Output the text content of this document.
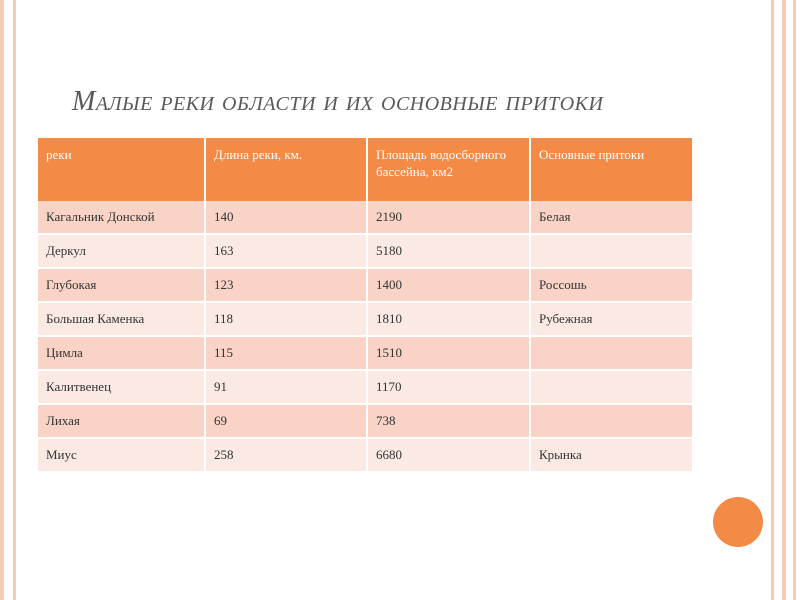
Малые реки области и их основные притоки
реки	Длина реки, км.	Площадь водосборного бассейна, км2	Основные притоки
Кагальник Донской	140	2190	Белая
Деркул	163	5180	
Глубокая	123	1400	Россошь
Большая Каменка	118	1810	Рубежная
Цимла	115	1510	
Калитвенец	91	1170	
Лихая	69	738	
Миус	258	6680	Крынка
